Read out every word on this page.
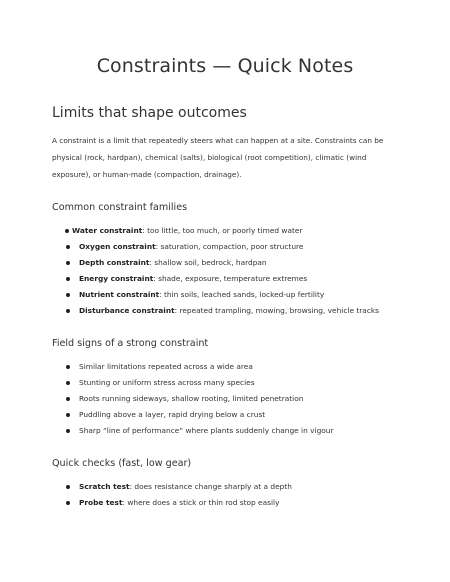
Constraints — Quick Notes
Limits that shape outcomes

A constraint is a limit that repeatedly steers what can happen at a site. Constraints can be physical (rock, hardpan), chemical (salts), biological (root competition), climatic (wind exposure), or human-made (compaction, drainage).

Common constraint families
Water constraint: too little, too much, or poorly timed water
Oxygen constraint: saturation, compaction, poor structure
Depth constraint: shallow soil, bedrock, hardpan
Energy constraint: shade, exposure, temperature extremes
Nutrient constraint: thin soils, leached sands, locked-up fertility
Disturbance constraint: repeated trampling, mowing, browsing, vehicle tracks
Field signs of a strong constraint
Similar limitations repeated across a wide area
Stunting or uniform stress across many species
Roots running sideways, shallow rooting, limited penetration
Puddling above a layer, rapid drying below a crust
Sharp “line of performance” where plants suddenly change in vigour
Quick checks (fast, low gear)
Scratch test: does resistance change sharply at a depth
Probe test: where does a stick or thin rod stop easily
